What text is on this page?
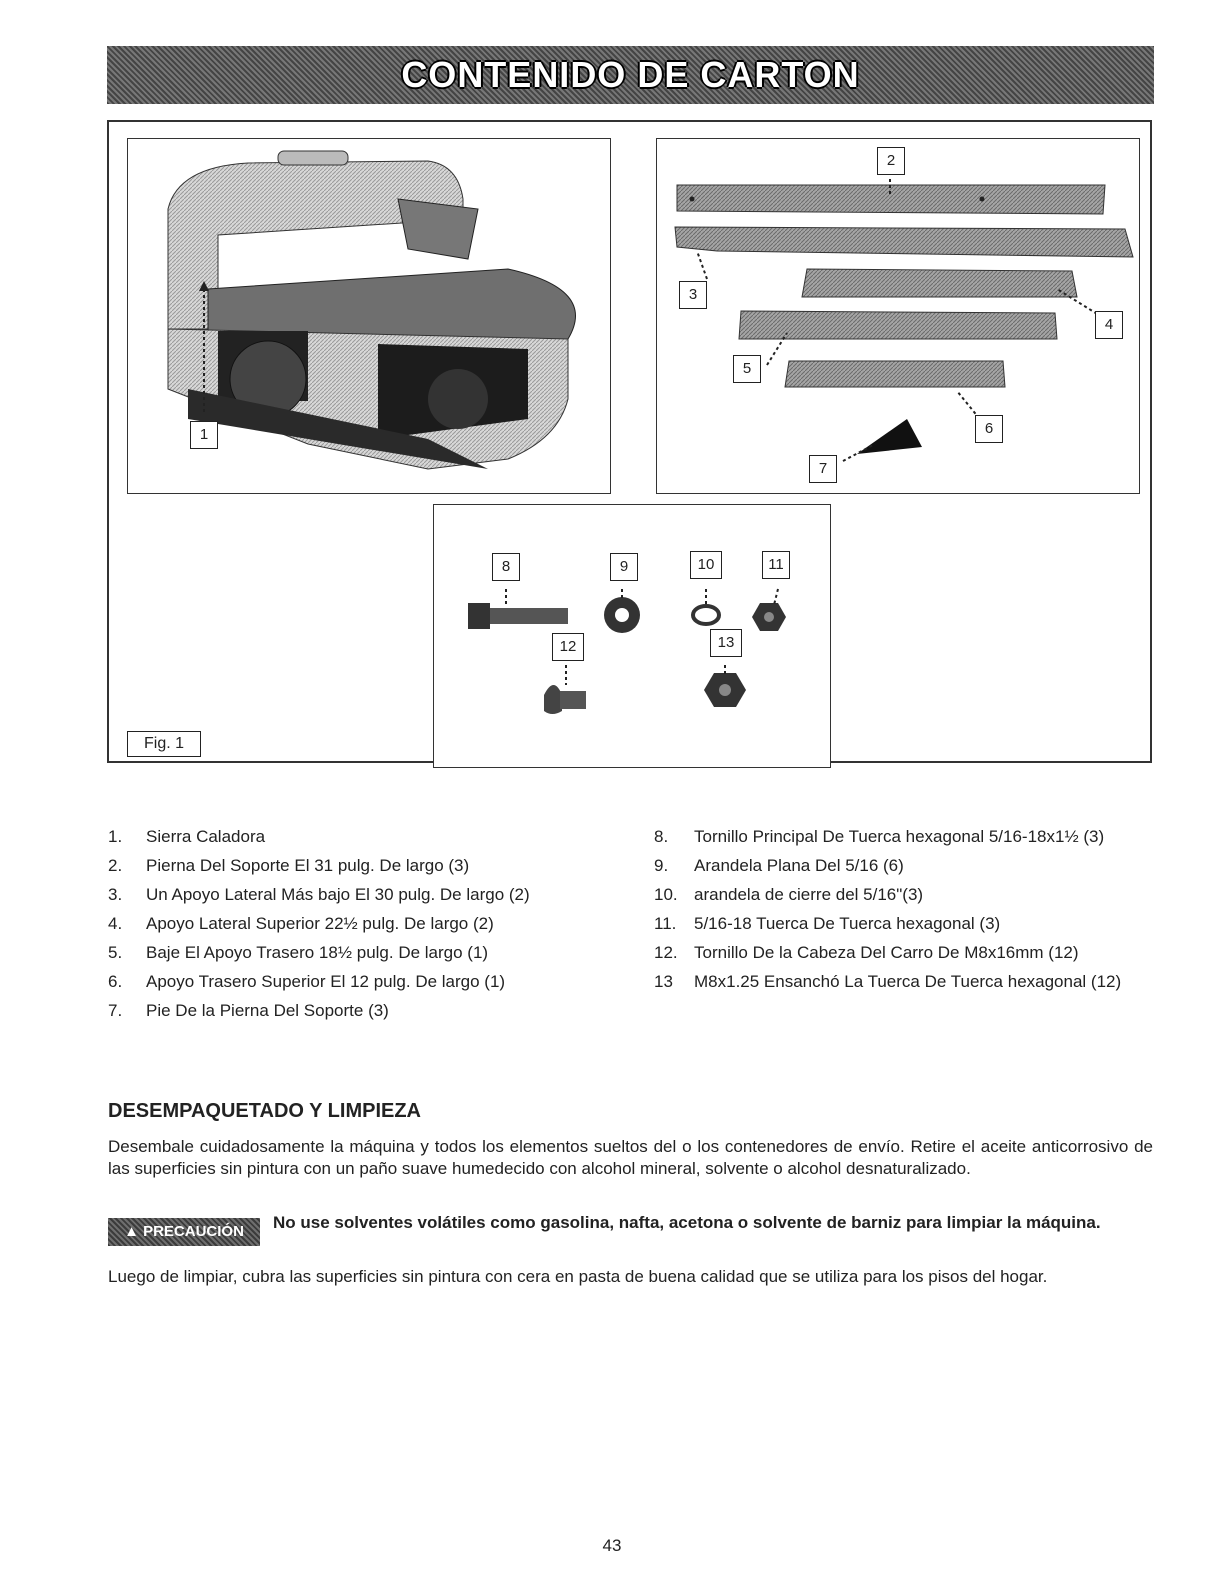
CONTENIDO DE CARTON
1
2
3
4
5
6
7
8	9	10	11
12	13
Fig. 1
1.	Sierra Caladora
2.	Pierna Del Soporte El 31 pulg. De largo (3)
3.	Un Apoyo Lateral Más bajo El 30 pulg. De largo (2)
4.	Apoyo Lateral Superior 22½ pulg. De largo (2)
5.	Baje El Apoyo Trasero 18½ pulg. De largo (1)
6.	Apoyo Trasero Superior El 12 pulg. De largo (1)
7.	Pie De la Pierna Del Soporte (3)
8.	Tornillo Principal De Tuerca hexagonal 5/16-18x1½ (3)
9.	Arandela Plana Del 5/16 (6)
10. arandela de cierre del 5/16"(3)
11.	5/16-18 Tuerca De Tuerca hexagonal (3)
12. Tornillo De la Cabeza Del Carro De M8x16mm (12)
13	M8x1.25 Ensanchó La Tuerca De Tuerca hexagonal (12)
DESEMPAQUETADO Y LIMPIEZA

Desembale cuidadosamente la máquina y todos los elementos sueltos del o los contenedores de envío. Retire el aceite anticorrosivo de las superficies sin pintura con un paño suave humedecido con alcohol mineral, solvente o alcohol desnaturalizado.

▲ PRECAUCIÓN	No use solventes volátiles como gasolina, nafta, acetona o solvente de barniz para limpiar la máquina.

Luego de limpiar, cubra las superficies sin pintura con cera en pasta de buena calidad que se utiliza para los pisos del hogar.

43
